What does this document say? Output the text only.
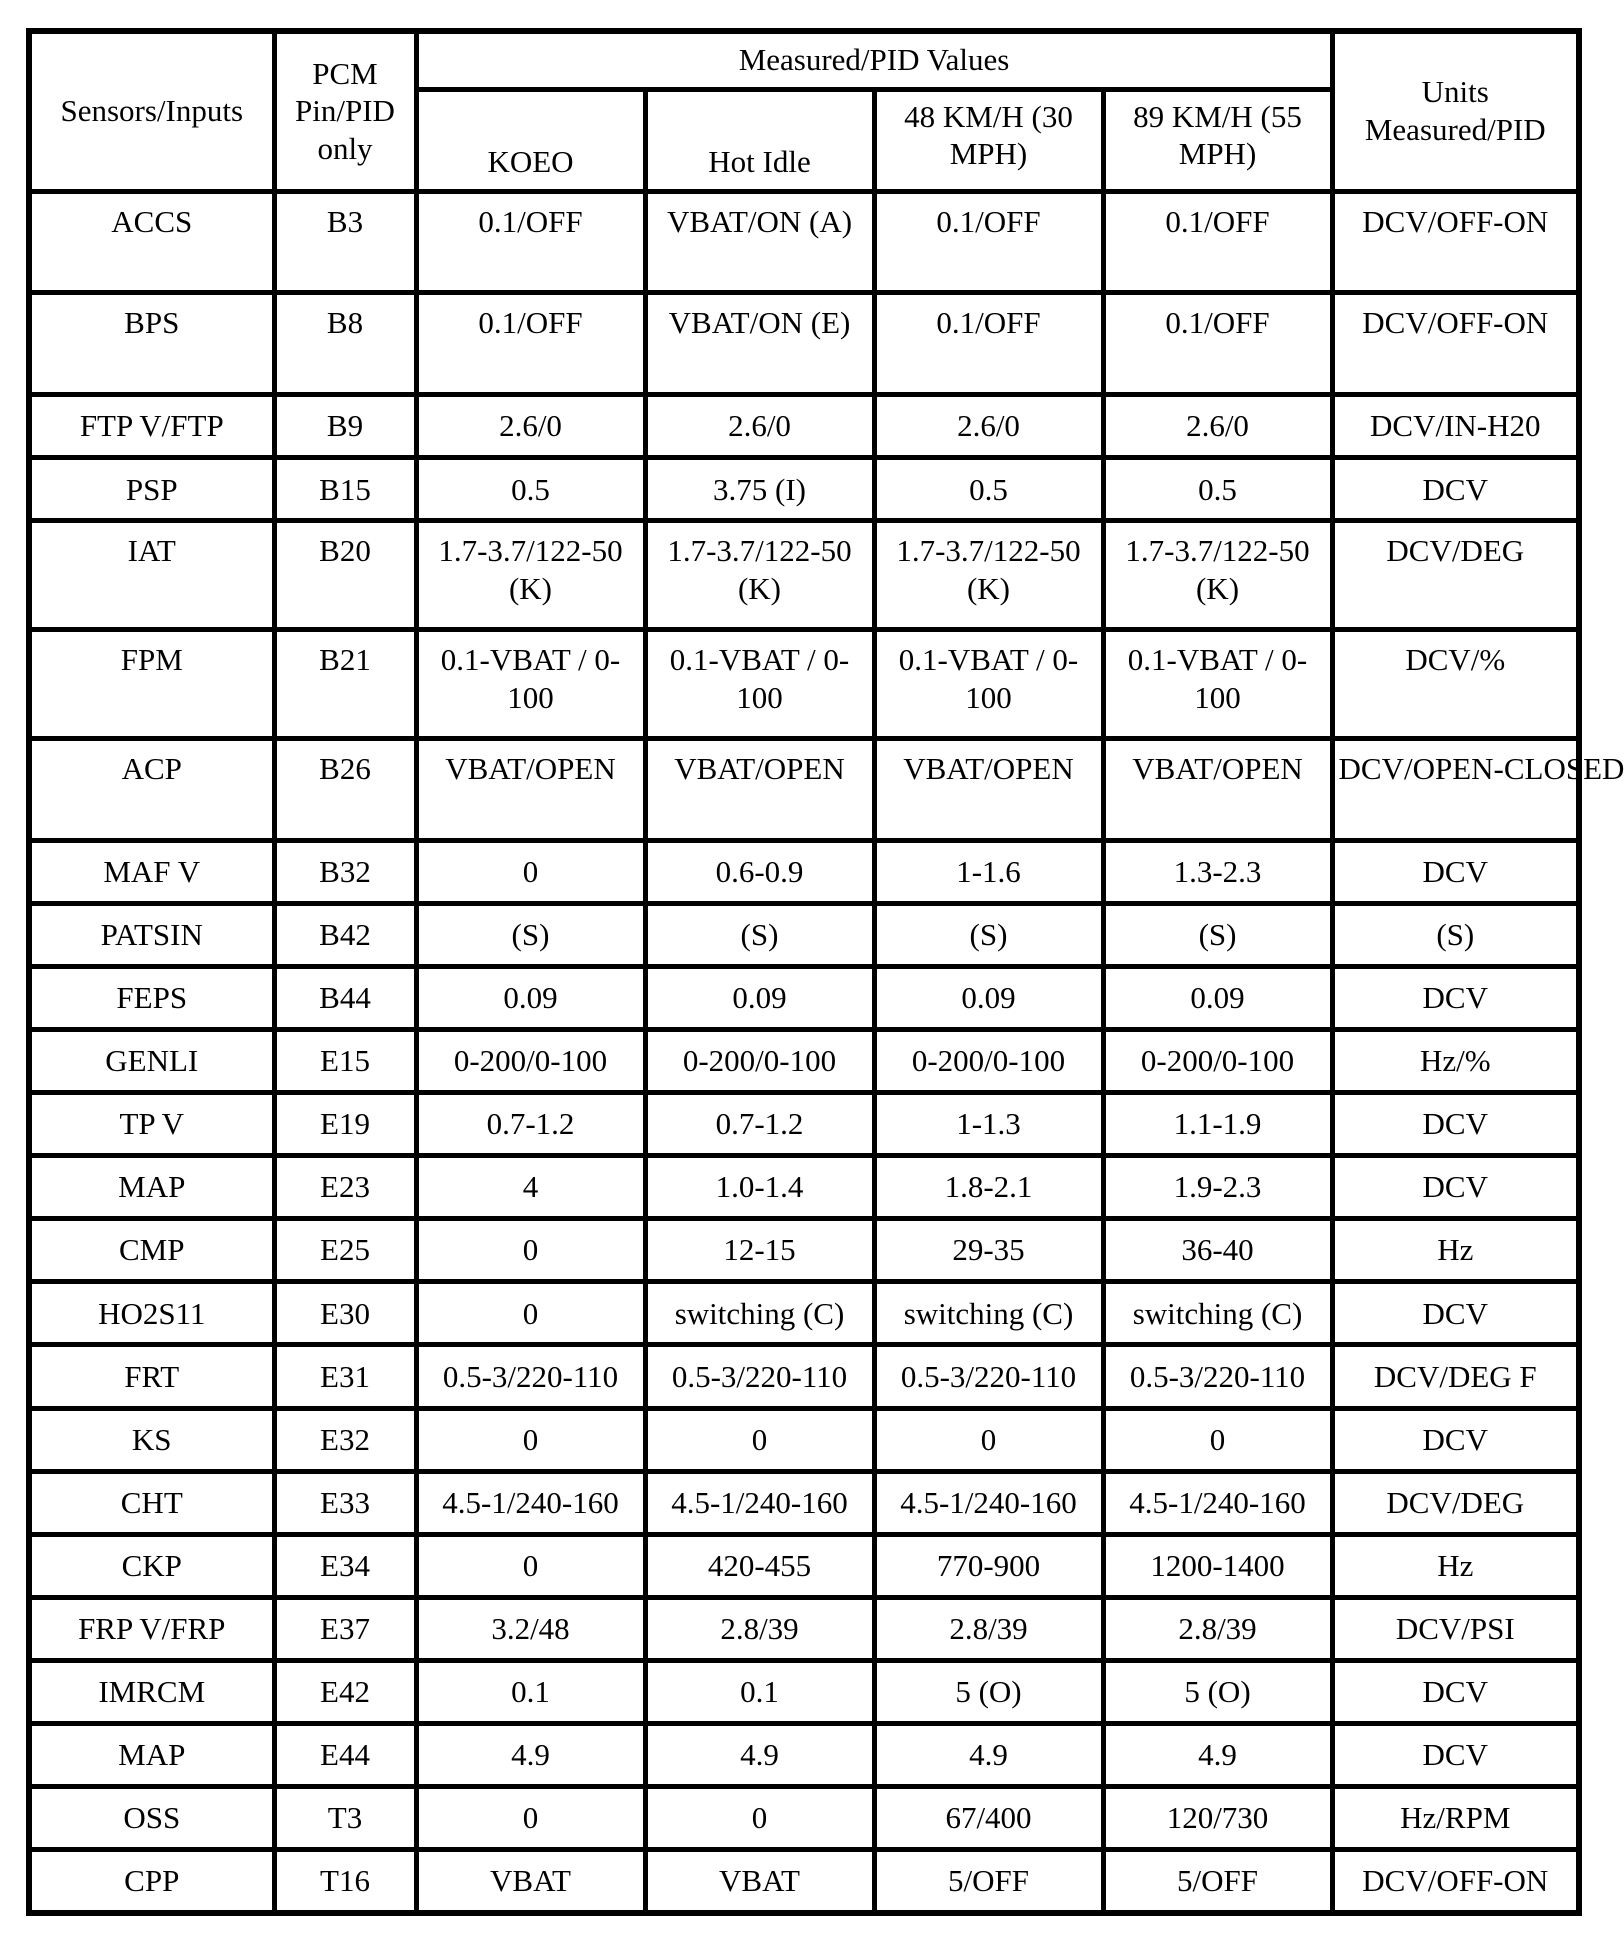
Sensors/Inputs	PCM Pin/PID only	Measured/PID Values				Units Measured/PID
		KOEO	Hot Idle	48 KM/H (30 MPH)	89 KM/H (55 MPH)	
ACCS	B3	0.1/OFF	VBAT/ON (A)	0.1/OFF	0.1/OFF	DCV/OFF-ON
BPS	B8	0.1/OFF	VBAT/ON (E)	0.1/OFF	0.1/OFF	DCV/OFF-ON
FTP V/FTP	B9	2.6/0	2.6/0	2.6/0	2.6/0	DCV/IN-H20
PSP	B15	0.5	3.75 (I)	0.5	0.5	DCV
IAT	B20	1.7-3.7/122-50 (K)	1.7-3.7/122-50 (K)	1.7-3.7/122-50 (K)	1.7-3.7/122-50 (K)	DCV/DEG
FPM	B21	0.1-VBAT / 0-100	0.1-VBAT / 0-100	0.1-VBAT / 0-100	0.1-VBAT / 0-100	DCV/%
ACP	B26	VBAT/OPEN	VBAT/OPEN	VBAT/OPEN	VBAT/OPEN	DCV/OPEN-CLOSED
MAF V	B32	0	0.6-0.9	1-1.6	1.3-2.3	DCV
PATSIN	B42	(S)	(S)	(S)	(S)	(S)
FEPS	B44	0.09	0.09	0.09	0.09	DCV
GENLI	E15	0-200/0-100	0-200/0-100	0-200/0-100	0-200/0-100	Hz/%
TP V	E19	0.7-1.2	0.7-1.2	1-1.3	1.1-1.9	DCV
MAP	E23	4	1.0-1.4	1.8-2.1	1.9-2.3	DCV
CMP	E25	0	12-15	29-35	36-40	Hz
HO2S11	E30	0	switching (C)	switching (C)	switching (C)	DCV
FRT	E31	0.5-3/220-110	0.5-3/220-110	0.5-3/220-110	0.5-3/220-110	DCV/DEG F
KS	E32	0	0	0	0	DCV
CHT	E33	4.5-1/240-160	4.5-1/240-160	4.5-1/240-160	4.5-1/240-160	DCV/DEG
CKP	E34	0	420-455	770-900	1200-1400	Hz
FRP V/FRP	E37	3.2/48	2.8/39	2.8/39	2.8/39	DCV/PSI
IMRCM	E42	0.1	0.1	5 (O)	5 (O)	DCV
MAP	E44	4.9	4.9	4.9	4.9	DCV
OSS	T3	0	0	67/400	120/730	Hz/RPM
CPP	T16	VBAT	VBAT	5/OFF	5/OFF	DCV/OFF-ON
